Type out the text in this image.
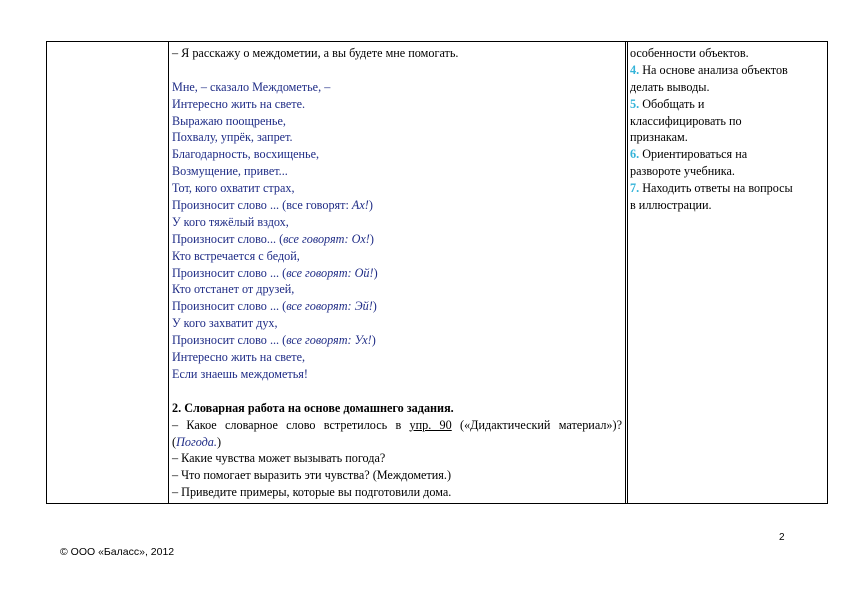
– Я расскажу о междометии, а вы будете мне помогать.
Мне, – сказало Междометье, –
Интересно жить на свете.
Выражаю поощренье,
Похвалу, упрёк, запрет.
Благодарность, восхищенье,
Возмущение, привет...
Тот, кого охватит страх,
Произносит слово ... (все говорят: Ах!)
У кого тяжёлый вздох,
Произносит слово... (все говорят: Ох!)
Кто встречается с бедой,
Произносит слово ... (все говорят: Ой!)
Кто отстанет от друзей,
Произносит слово ... (все говорят: Эй!)
У кого захватит дух,
Произносит слово ... (все говорят: Ух!)
Интересно жить на свете,
Если знаешь междометья!
2. Словарная работа на основе домашнего задания.
– Какое словарное слово встретилось в упр. 90 («Дидактический материал»)? (Погода.)
– Какие чувства может вызывать погода?
– Что помогает выразить эти чувства? (Междометия.)
– Приведите примеры, которые вы подготовили дома.
особенности объектов.
4. На основе анализа объектов
делать выводы.
5. Обобщать и
классифицировать по
признакам.
6. Ориентироваться на
развороте учебника.
7. Находить ответы на вопросы
в иллюстрации.
2
© ООО «Баласс», 2012
